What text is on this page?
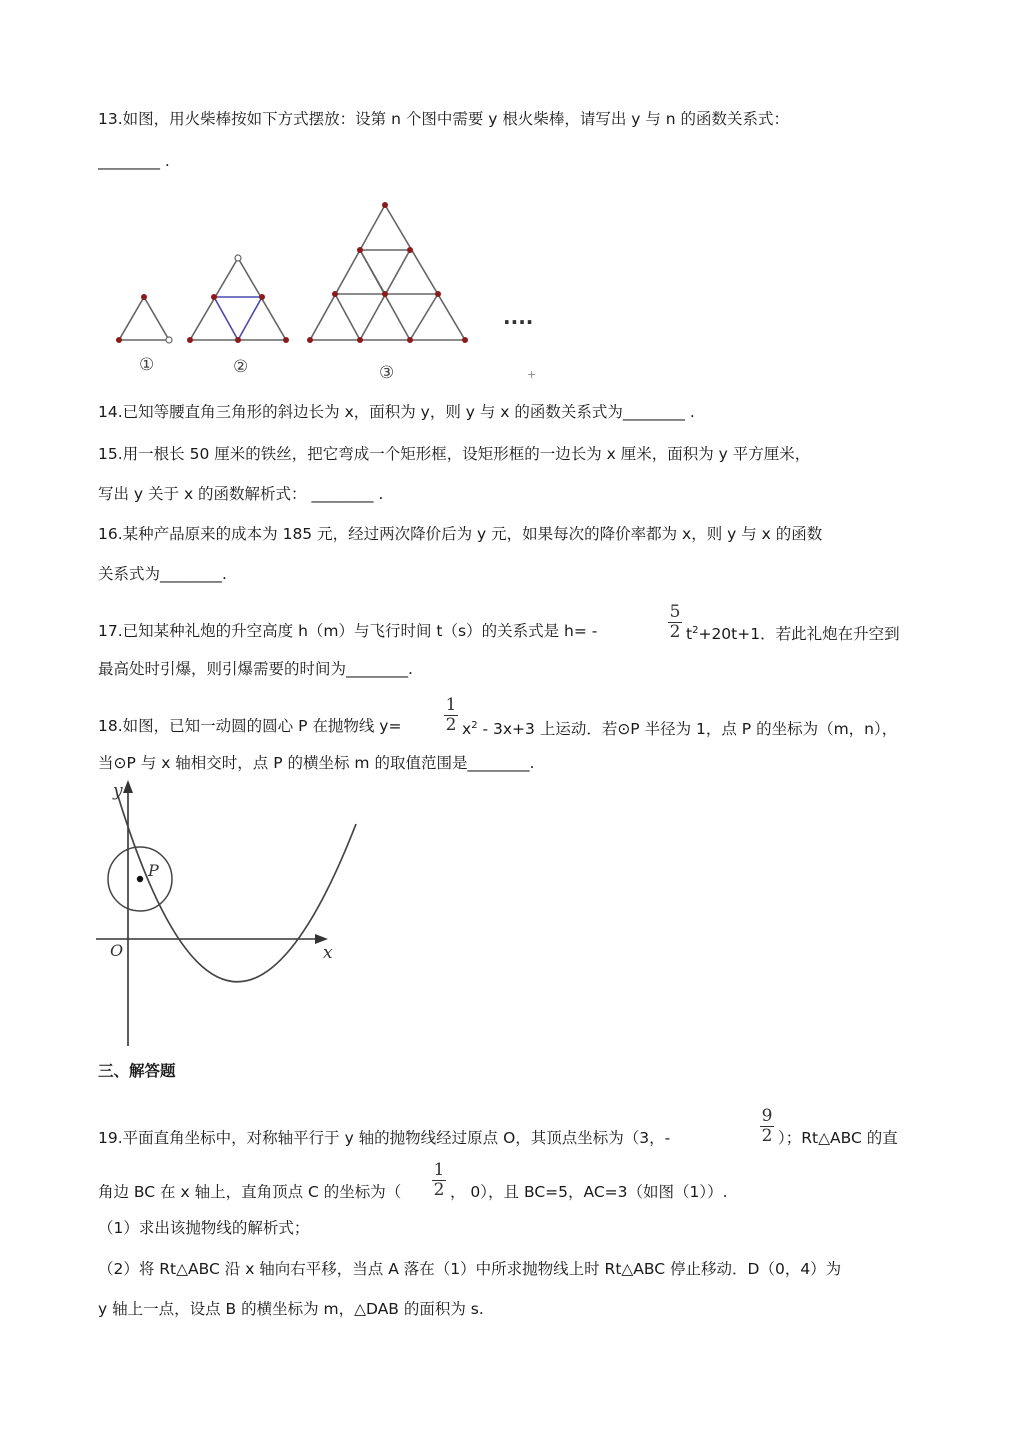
13.如图，用火柴棒按如下方式摆放：设第 n 个图中需要 y 根火柴棒，请写出 y 与 n 的函数关系式：
________ .
①	②	③
····
+
14.已知等腰直角三角形的斜边长为 x，面积为 y，则 y 与 x 的函数关系式为________ .
15.用一根长 50 厘米的铁丝，把它弯成一个矩形框，设矩形框的一边长为 x 厘米，面积为 y 平方厘米，
写出 y 关于 x 的函数解析式： ________ .
16.某种产品原来的成本为 185 元，经过两次降价后为 y 元，如果每次的降价率都为 x，则 y 与 x 的函数
关系式为________.
17.已知某种礼炮的升空高度 h（m）与飞行时间 t（s）的关系式是 h= -
5
2 $t^2+20t+1$．若此礼炮在升空到
最高处时引爆，则引爆需要的时间为________.
18.如图，已知一动圆的圆心 P 在抛物线 y=
1
2 $x^2 - 3x+3$ 上运动．若⊙P 半径为 1，点 P 的坐标为（m，n），
当⊙P 与 x 轴相交时，点 P 的横坐标 m 的取值范围是________.
y
x
O
P
三、解答题
19.平面直角坐标中，对称轴平行于 y 轴的抛物线经过原点 O，其顶点坐标为（3，-
9
2 ）；Rt△ABC 的直
角边 BC 在 x 轴上，直角顶点 C 的坐标为（
1
2 ， 0），且 BC=5，AC=3（如图（1））.
（1）求出该抛物线的解析式；
（2）将 Rt△ABC 沿 x 轴向右平移，当点 A 落在（1）中所求抛物线上时 Rt△ABC 停止移动．D（0，4）为
y 轴上一点，设点 B 的横坐标为 m，△DAB 的面积为 s.
